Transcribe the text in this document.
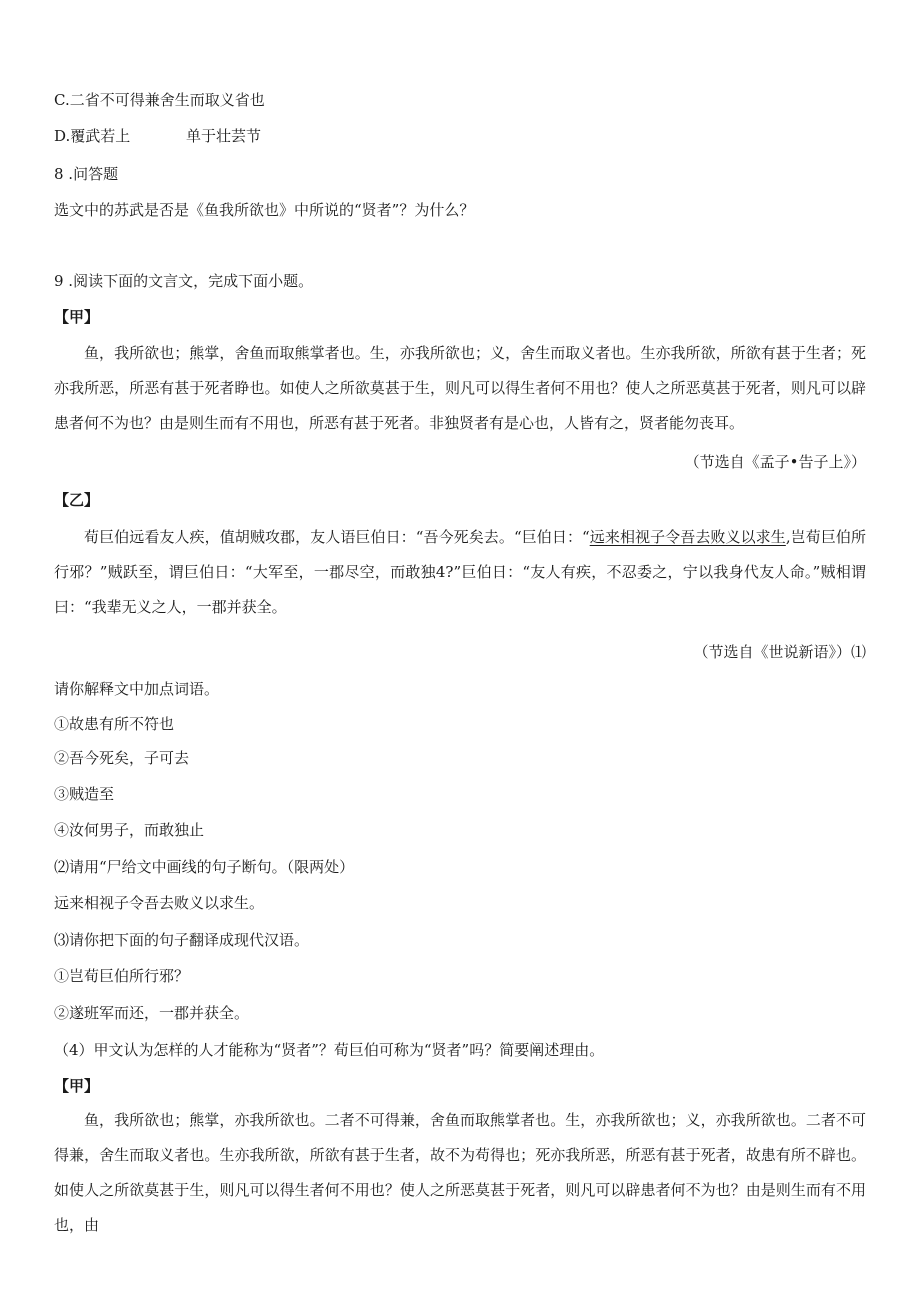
C.二省不可得兼舍生而取义省也
D.覆武若上	单于壮芸节
8 .问答题
选文中的苏武是否是《鱼我所欲也》中所说的“贤者”？为什么？
9 .阅读下面的文言文，完成下面小题。
【甲】
鱼，我所欲也；熊掌，舍鱼而取熊掌者也。生，亦我所欲也；义，舍生而取义者也。生亦我所欲，所欲有甚于生者；死亦我所恶，所恶有甚于死者睁也。如使人之所欲莫甚于生，则凡可以得生者何不用也？使人之所恶莫甚于死者，则凡可以辟患者何不为也？由是则生而有不用也，所恶有甚于死者。非独贤者有是心也，人皆有之，贤者能勿丧耳。
（节选自《孟子•告子上》）
【乙】
荀巨伯远看友人疾，值胡贼攻郡，友人语巨伯日：“吾今死矣去。“巨伯日：“远来相视子令吾去败义以求生,岂荀巨伯所行邪？”贼跃至，谓巨伯日：“大军至，一郡尽空，而敢独4?”巨伯日：“友人有疾，不忍委之，宁以我身代友人命。”贼相谓曰：“我辈无义之人，一郡并获全。
（节选自《世说新语》）⑴
请你解释文中加点词语。
①故患有所不符也
②吾今死矣，子可去
③贼造至
④汝何男子，而敢独止
⑵请用“尸给文中画线的句子断句。（限两处）
远来相视子令吾去败义以求生。
⑶请你把下面的句子翻译成现代汉语。
①岂荀巨伯所行邪？
②遂班军而还，一郡并获全。
（4）甲文认为怎样的人才能称为“贤者”？荀巨伯可称为“贤者”吗？简要阐述理由。
【甲】
鱼，我所欲也；熊掌，亦我所欲也。二者不可得兼，舍鱼而取熊掌者也。生，亦我所欲也；义，亦我所欲也。二者不可得兼，舍生而取义者也。生亦我所欲，所欲有甚于生者，故不为苟得也；死亦我所恶，所恶有甚于死者，故患有所不辟也。如使人之所欲莫甚于生，则凡可以得生者何不用也？使人之所恶莫甚于死者，则凡可以辟患者何不为也？由是则生而有不用也，由
